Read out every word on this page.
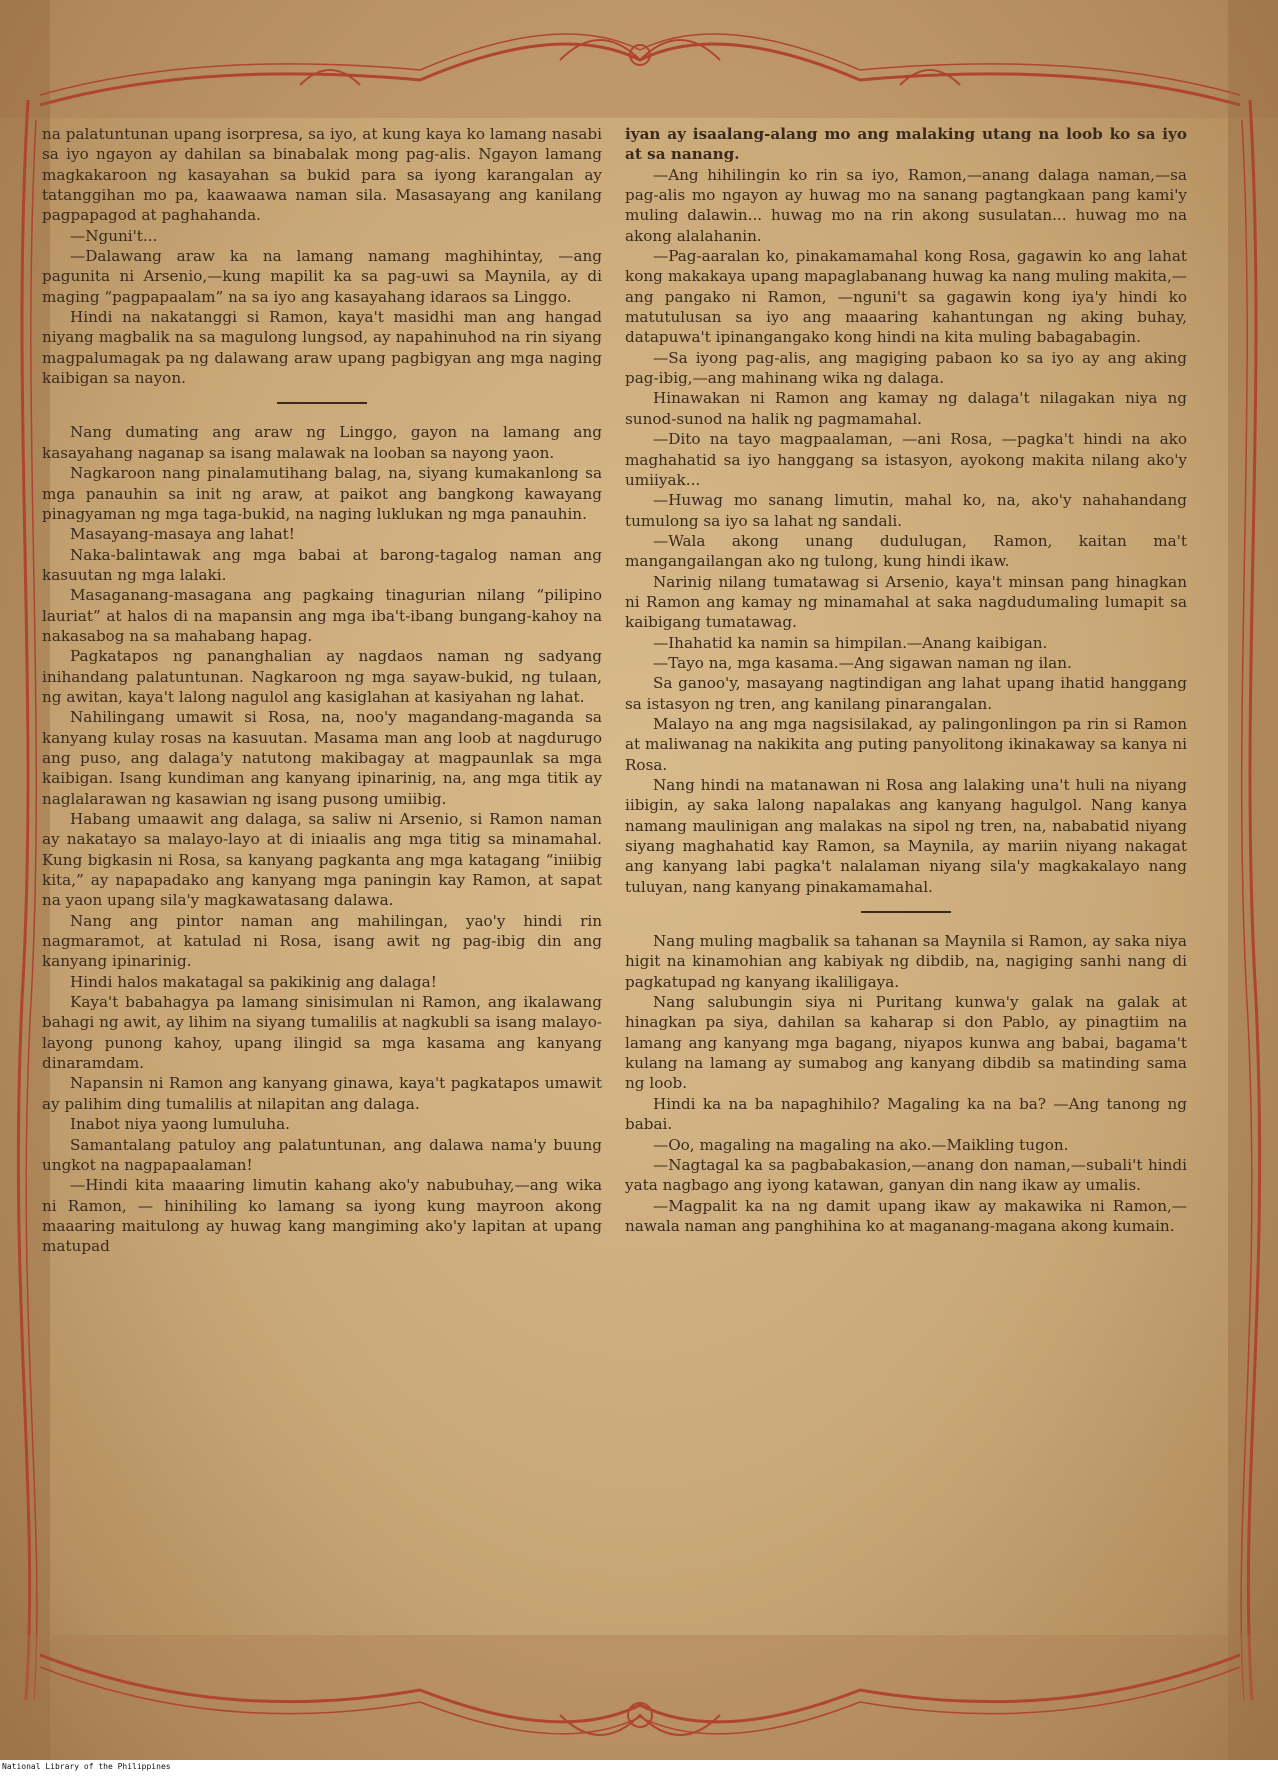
na palatuntunan upang isorpresa, sa iyo, at kung kaya ko lamang nasabi sa iyo ngayon ay dahilan sa binabalak mong pag-alis. Ngayon lamang magkakaroon ng kasayahan sa bukid para sa iyong karangalan ay tatanggihan mo pa, kaawaawa naman sila. Masasayang ang kanilang pagpapagod at paghahanda.

—Nguni't...

—Dalawang araw ka na lamang namang maghihintay, —ang pagunita ni Arsenio,—kung mapilit ka sa pag-uwi sa Maynila, ay di maging “pagpapaalam” na sa iyo ang kasayahang idaraos sa Linggo.

Hindi na nakatanggi si Ramon, kaya't masidhi man ang hangad niyang magbalik na sa magulong lungsod, ay napahinuhod na rin siyang magpalumagak pa ng dalawang araw upang pagbigyan ang mga naging kaibigan sa nayon.

Nang dumating ang araw ng Linggo, gayon na lamang ang kasayahang naganap sa isang malawak na looban sa nayong yaon.

Nagkaroon nang pinalamutihang balag, na, siyang kumakanlong sa mga panauhin sa init ng araw, at paikot ang bangkong kawayang pinagyaman ng mga taga-bukid, na naging luklukan ng mga panauhin.

Masayang-masaya ang lahat!

Naka-balintawak ang mga babai at barong-tagalog naman ang kasuutan ng mga lalaki.

Masaganang-masagana ang pagkaing tinagurian nilang “pilipino lauriat” at halos di na mapansin ang mga iba't-ibang bungang-kahoy na nakasabog na sa mahabang hapag.

Pagkatapos ng pananghalian ay nagdaos naman ng sadyang inihandang palatuntunan. Nagkaroon ng mga sayaw-bukid, ng tulaan, ng awitan, kaya't lalong nagulol ang kasiglahan at kasiyahan ng lahat.

Nahilingang umawit si Rosa, na, noo'y magandang-maganda sa kanyang kulay rosas na kasuutan. Masama man ang loob at nagdurugo ang puso, ang dalaga'y natutong makibagay at magpaunlak sa mga kaibigan. Isang kundiman ang kanyang ipinarinig, na, ang mga titik ay naglalarawan ng kasawian ng isang pusong umiibig.

Habang umaawit ang dalaga, sa saliw ni Arsenio, si Ramon naman ay nakatayo sa malayo-layo at di iniaalis ang mga titig sa minamahal. Kung bigkasin ni Rosa, sa kanyang pagkanta ang mga katagang “iniibig kita,” ay napapadako ang kanyang mga paningin kay Ramon, at sapat na yaon upang sila'y magkawatasang dalawa.

Nang ang pintor naman ang mahilingan, yao'y hindi rin nagmaramot, at katulad ni Rosa, isang awit ng pag-ibig din ang kanyang ipinarinig.

Hindi halos makatagal sa pakikinig ang dalaga!

Kaya't babahagya pa lamang sinisimulan ni Ramon, ang ikalawang bahagi ng awit, ay lihim na siyang tumalilis at nagkubli sa isang malayo-layong punong kahoy, upang ilingid sa mga kasama ang kanyang dinaramdam.

Napansin ni Ramon ang kanyang ginawa, kaya't pagkatapos umawit ay palihim ding tumalilis at nilapitan ang dalaga.

Inabot niya yaong lumuluha.

Samantalang patuloy ang palatuntunan, ang dalawa nama'y buung ungkot na nagpapaalaman!

—Hindi kita maaaring limutin kahang ako'y nabubuhay,—ang wika ni Ramon, — hinihiling ko lamang sa iyong kung mayroon akong maaaring maitulong ay huwag kang mangiming ako'y lapitan at upang matupad

iyan ay isaalang-alang mo ang malaking utang na loob ko sa iyo at sa nanang.

—Ang hihilingin ko rin sa iyo, Ramon,—anang dalaga naman,—sa pag-alis mo ngayon ay huwag mo na sanang pagtangkaan pang kami'y muling dalawin... huwag mo na rin akong susulatan... huwag mo na akong alalahanin.

—Pag-aaralan ko, pinakamamahal kong Rosa, gagawin ko ang lahat kong makakaya upang mapaglabanang huwag ka nang muling makita,—ang pangako ni Ramon, —nguni't sa gagawin kong iya'y hindi ko matutulusan sa iyo ang maaaring kahantungan ng aking buhay, datapuwa't ipinangangako kong hindi na kita muling babagabagin.

—Sa iyong pag-alis, ang magiging pabaon ko sa iyo ay ang aking pag-ibig,—ang mahinang wika ng dalaga.

Hinawakan ni Ramon ang kamay ng dalaga't nilagakan niya ng sunod-sunod na halik ng pagmamahal.

—Dito na tayo magpaalaman, —ani Rosa, —pagka't hindi na ako maghahatid sa iyo hanggang sa istasyon, ayokong makita nilang ako'y umiiyak...

—Huwag mo sanang limutin, mahal ko, na, ako'y nahahandang tumulong sa iyo sa lahat ng sandali.

—Wala akong unang dudulugan, Ramon, kaitan ma't mangangailangan ako ng tulong, kung hindi ikaw.

Narinig nilang tumatawag si Arsenio, kaya't minsan pang hinagkan ni Ramon ang kamay ng minamahal at saka nagdudumaling lumapit sa kaibigang tumatawag.

—Ihahatid ka namin sa himpilan.—Anang kaibigan.

—Tayo na, mga kasama.—Ang sigawan naman ng ilan.

Sa ganoo'y, masayang nagtindigan ang lahat upang ihatid hanggang sa istasyon ng tren, ang kanilang pinarangalan.

Malayo na ang mga nagsisilakad, ay palingonlingon pa rin si Ramon at maliwanag na nakikita ang puting panyolitong ikinakaway sa kanya ni Rosa.

Nang hindi na matanawan ni Rosa ang lalaking una't huli na niyang iibigin, ay saka lalong napalakas ang kanyang hagulgol. Nang kanya namang maulinigan ang malakas na sipol ng tren, na, nababatid niyang siyang maghahatid kay Ramon, sa Maynila, ay mariin niyang nakagat ang kanyang labi pagka't nalalaman niyang sila'y magkakalayo nang tuluyan, nang kanyang pinakamamahal.

Nang muling magbalik sa tahanan sa Maynila si Ramon, ay saka niya higit na kinamohian ang kabiyak ng dibdib, na, nagiging sanhi nang di pagkatupad ng kanyang ikaliligaya.

Nang salubungin siya ni Puritang kunwa'y galak na galak at hinagkan pa siya, dahilan sa kaharap si don Pablo, ay pinagtiim na lamang ang kanyang mga bagang, niyapos kunwa ang babai, bagama't kulang na lamang ay sumabog ang kanyang dibdib sa matinding sama ng loob.

Hindi ka na ba napaghihilo? Magaling ka na ba? —Ang tanong ng babai.

—Oo, magaling na magaling na ako.—Maikling tugon.

—Nagtagal ka sa pagbabakasion,—anang don naman,—subali't hindi yata nagbago ang iyong katawan, ganyan din nang ikaw ay umalis.

—Magpalit ka na ng damit upang ikaw ay makawika ni Ramon,—nawala naman ang panghihina ko at maganang-magana akong kumain.

National Library of the Philippines
